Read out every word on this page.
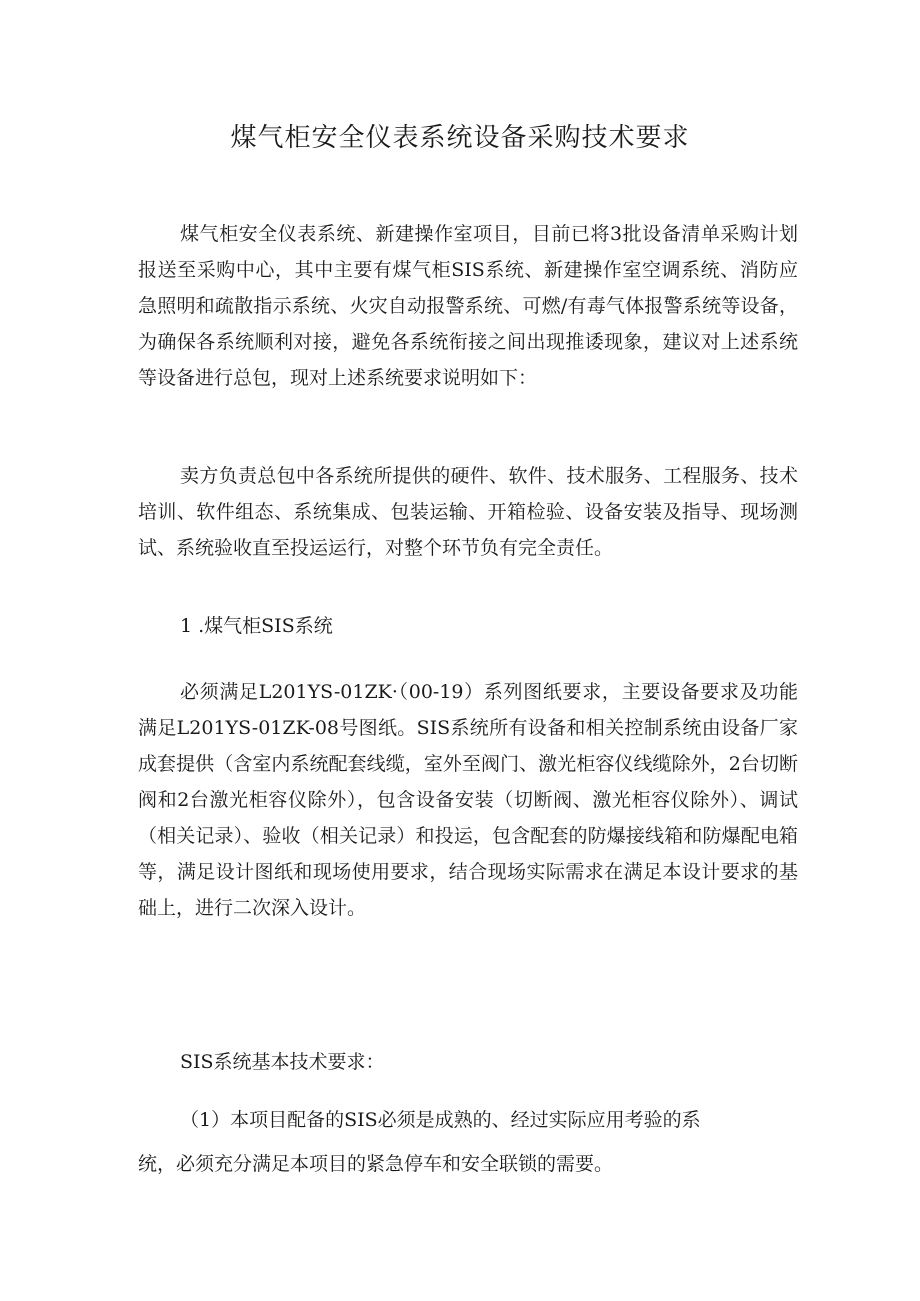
煤气柜安全仪表系统设备采购技术要求

煤气柜安全仪表系统、新建操作室项目，目前已将3批设备清单采购计划报送至采购中心，其中主要有煤气柜SIS系统、新建操作室空调系统、消防应急照明和疏散指示系统、火灾自动报警系统、可燃/有毒气体报警系统等设备，为确保各系统顺利对接，避免各系统衔接之间出现推诿现象，建议对上述系统等设备进行总包，现对上述系统要求说明如下：

卖方负责总包中各系统所提供的硬件、软件、技术服务、工程服务、技术培训、软件组态、系统集成、包装运输、开箱检验、设备安装及指导、现场测试、系统验收直至投运运行，对整个环节负有完全责任。

1 .煤气柜SIS系统

必须满足L201YS-01ZK·（00-19）系列图纸要求，主要设备要求及功能满足L201YS-01ZK-08号图纸。SIS系统所有设备和相关控制系统由设备厂家成套提供（含室内系统配套线缆，室外至阀门、激光柜容仪线缆除外，2台切断阀和2台激光柜容仪除外），包含设备安装（切断阀、激光柜容仪除外）、调试（相关记录）、验收（相关记录）和投运，包含配套的防爆接线箱和防爆配电箱等，满足设计图纸和现场使用要求，结合现场实际需求在满足本设计要求的基础上，进行二次深入设计。

SIS系统基本技术要求：
（1）本项目配备的SIS必须是成熟的、经过实际应用考验的系
统，必须充分满足本项目的紧急停车和安全联锁的需要。
